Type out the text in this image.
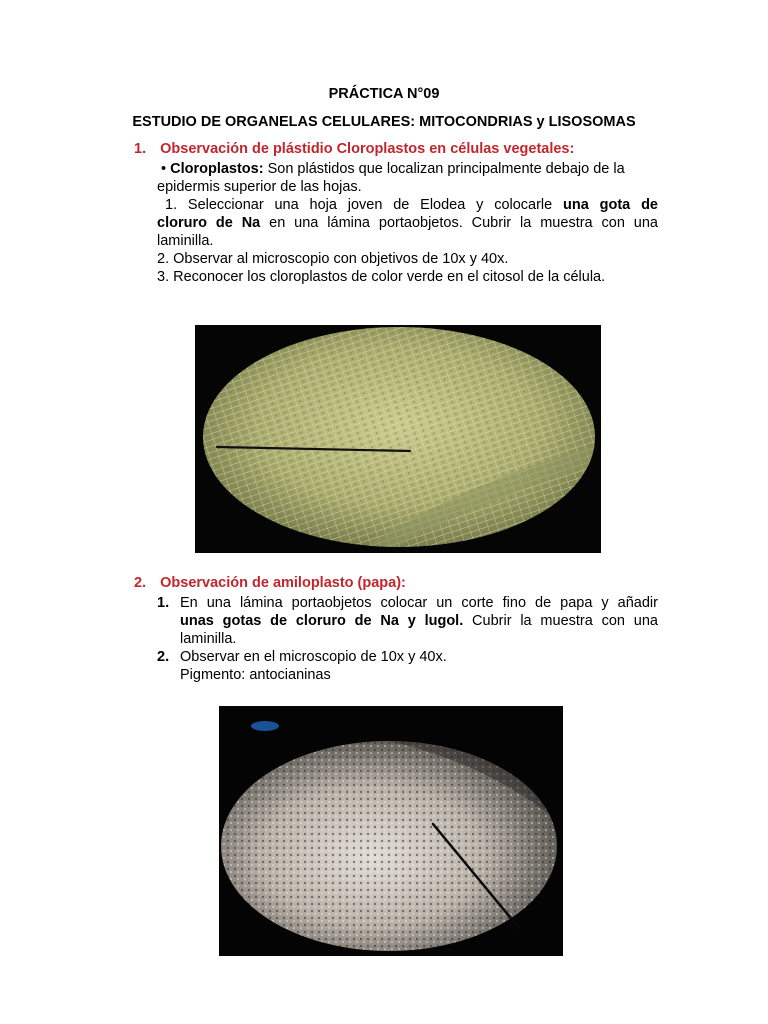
PRÁCTICA N°09
ESTUDIO DE ORGANELAS CELULARES: MITOCONDRIAS y LISOSOMAS
1. Observación de plástidio Cloroplastos en células vegetales:
• Cloroplastos: Son plástidos que localizan principalmente debajo de la
epidermis superior de las hojas.
1. Seleccionar una hoja joven de Elodea y colocarle una gota de
cloruro de Na en una lámina portaobjetos. Cubrir la muestra con una
laminilla.
2. Observar al microscopio con objetivos de 10x y 40x.
3. Reconocer los cloroplastos de color verde en el citosol de la célula.
2. Observación de amiloplasto (papa):
1. En una lámina portaobjetos colocar un corte fino de papa y añadir
unas gotas de cloruro de Na y lugol. Cubrir la muestra con una
laminilla.
2. Observar en el microscopio de 10x y 40x.
Pigmento: antocianinas
